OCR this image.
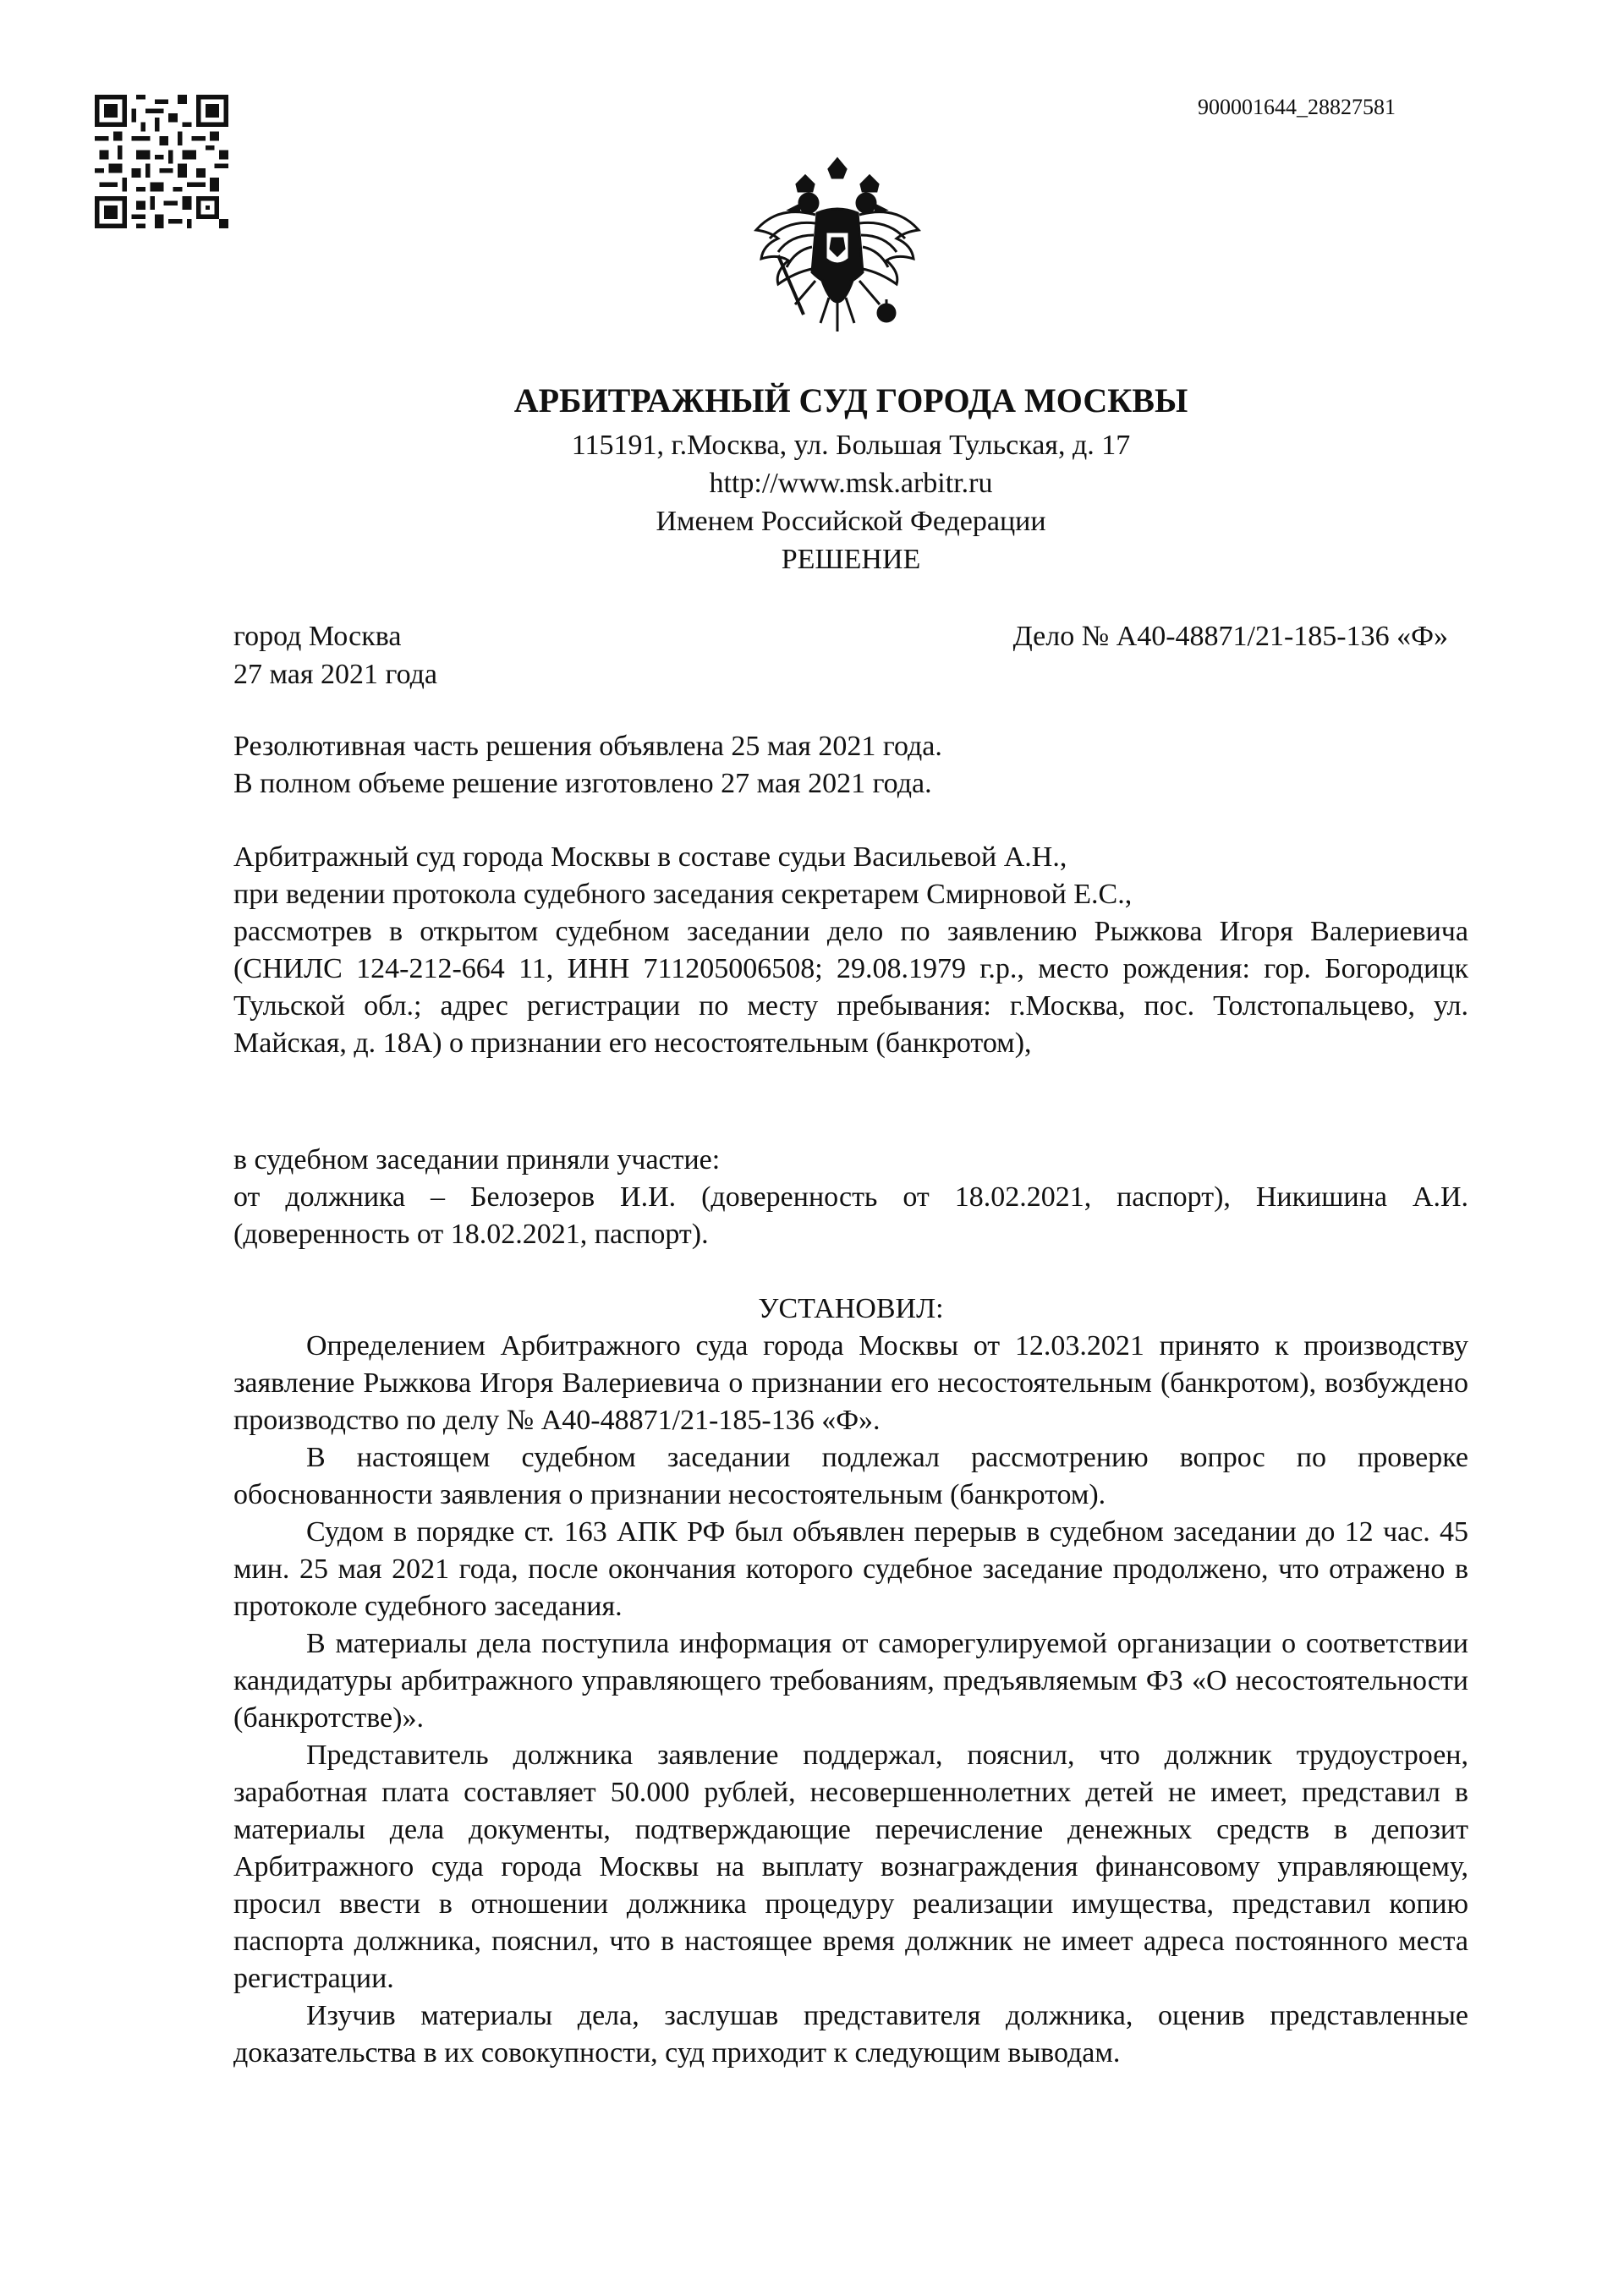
900001644_28827581
АРБИТРАЖНЫЙ СУД ГОРОДА МОСКВЫ
115191, г.Москва, ул. Большая Тульская, д. 17
http://www.msk.arbitr.ru
Именем Российской Федерации
РЕШЕНИЕ
город Москва
27 мая 2021 года
Дело № А40-48871/21-185-136 «Ф»

Резолютивная часть решения объявлена 25 мая 2021 года.

В полном объеме решение изготовлено 27 мая 2021 года.

Арбитражный суд города Москвы в составе судьи Васильевой А.Н.,

при ведении протокола судебного заседания секретарем Смирновой Е.С.,

рассмотрев в открытом судебном заседании дело по заявлению Рыжкова Игоря Валериевича (СНИЛС 124-212-664 11, ИНН 711205006508; 29.08.1979 г.р., место рождения: гор. Богородицк Тульской обл.; адрес регистрации по месту пребывания: г.Москва, пос. Толстопальцево, ул. Майская, д. 18А) о признании его несостоятельным (банкротом),

в судебном заседании приняли участие:

от должника – Белозеров И.И. (доверенность от 18.02.2021, паспорт), Никишина А.И. (доверенность от 18.02.2021, паспорт).

УСТАНОВИЛ:

Определением Арбитражного суда города Москвы от 12.03.2021 принято к производству заявление Рыжкова Игоря Валериевича о признании его несостоятельным (банкротом), возбуждено производство по делу № А40-48871/21-185-136 «Ф».

В настоящем судебном заседании подлежал рассмотрению вопрос по проверке обоснованности заявления о признании несостоятельным (банкротом).

Судом в порядке ст. 163 АПК РФ был объявлен перерыв в судебном заседании до 12 час. 45 мин. 25 мая 2021 года, после окончания которого судебное заседание продолжено, что отражено в протоколе судебного заседания.

В материалы дела поступила информация от саморегулируемой организации о соответствии кандидатуры арбитражного управляющего требованиям, предъявляемым ФЗ «О несостоятельности (банкротстве)».

Представитель должника заявление поддержал, пояснил, что должник трудоустроен, заработная плата составляет 50.000 рублей, несовершеннолетних детей не имеет, представил в материалы дела документы, подтверждающие перечисление денежных средств в депозит Арбитражного суда города Москвы на выплату вознаграждения финансовому управляющему, просил ввести в отношении должника процедуру реализации имущества, представил копию паспорта должника, пояснил, что в настоящее время должник не имеет адреса постоянного места регистрации.

Изучив материалы дела, заслушав представителя должника, оценив представленные доказательства в их совокупности, суд приходит к следующим выводам.
